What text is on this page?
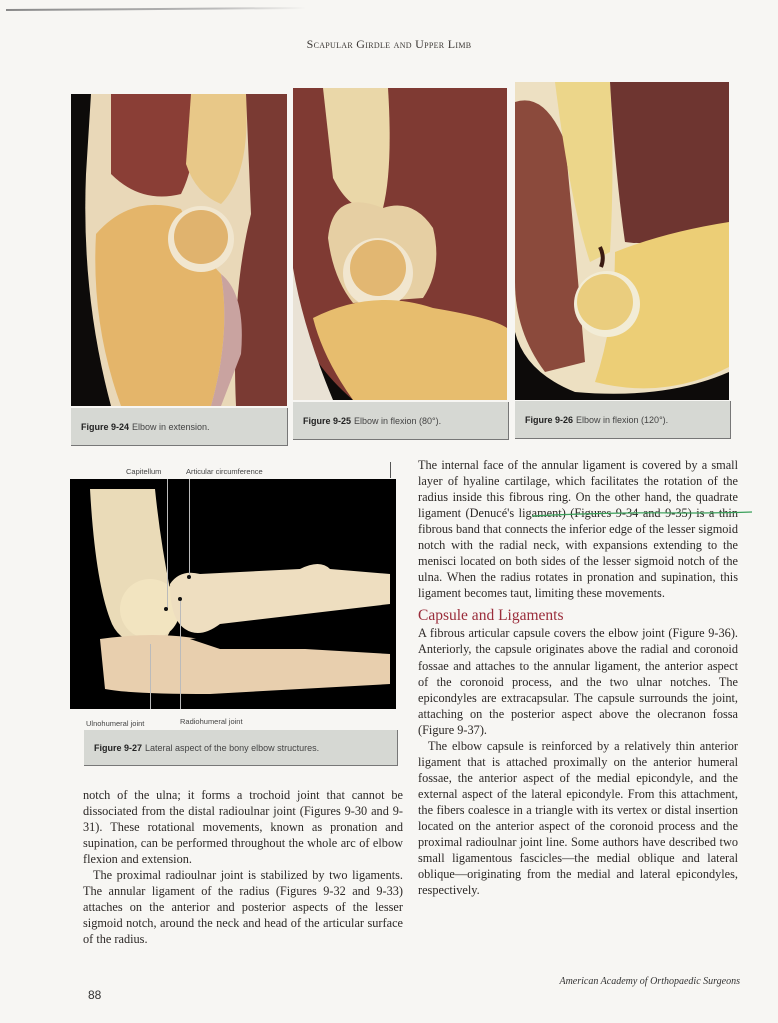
Scapular Girdle and Upper Limb
Figure 9-24 Elbow in extension.
Figure 9-25 Elbow in flexion (80°).	Figure 9-26 Elbow in flexion (120°).
Capitellum	Articular circumference
Ulnohumeral joint	Radiohumeral joint
Figure 9-27 Lateral aspect of the bony elbow structures.

notch of the ulna; it forms a trochoid joint that cannot be dissociated from the distal radioulnar joint (Figures 9-30 and 9-31). These rotational movements, known as pronation and supination, can be performed throughout the whole arc of elbow flexion and extension.

The proximal radioulnar joint is stabilized by two ligaments. The annular ligament of the radius (Figures 9-32 and 9-33) attaches on the anterior and posterior aspects of the lesser sigmoid notch, around the neck and head of the articular surface of the radius.

The internal face of the annular ligament is covered by a small layer of hyaline cartilage, which facilitates the rotation of the radius inside this fibrous ring. On the other hand, the quadrate ligament (Denucé's ligament) (Figures 9-34 and 9-35) is a thin fibrous band that connects the inferior edge of the lesser sigmoid notch with the radial neck, with expansions extending to the menisci located on both sides of the lesser sigmoid notch of the ulna. When the radius rotates in pronation and supination, this ligament becomes taut, limiting these movements.

Capsule and Ligaments

A fibrous articular capsule covers the elbow joint (Figure 9-36). Anteriorly, the capsule originates above the radial and coronoid fossae and attaches to the annular ligament, the anterior aspect of the coronoid process, and the two ulnar notches. The epicondyles are extracapsular. The capsule surrounds the joint, attaching on the posterior aspect above the olecranon fossa (Figure 9-37).

The elbow capsule is reinforced by a relatively thin anterior ligament that is attached proximally on the anterior humeral fossae, the anterior aspect of the medial epicondyle, and the external aspect of the lateral epicondyle. From this attachment, the fibers coalesce in a triangle with its vertex or distal insertion located on the anterior aspect of the coronoid process and the proximal radioulnar joint line. Some authors have described two small ligamentous fascicles—the medial oblique and lateral oblique—originating from the medial and lateral epicondyles, respectively.

88
American Academy of Orthopaedic Surgeons
